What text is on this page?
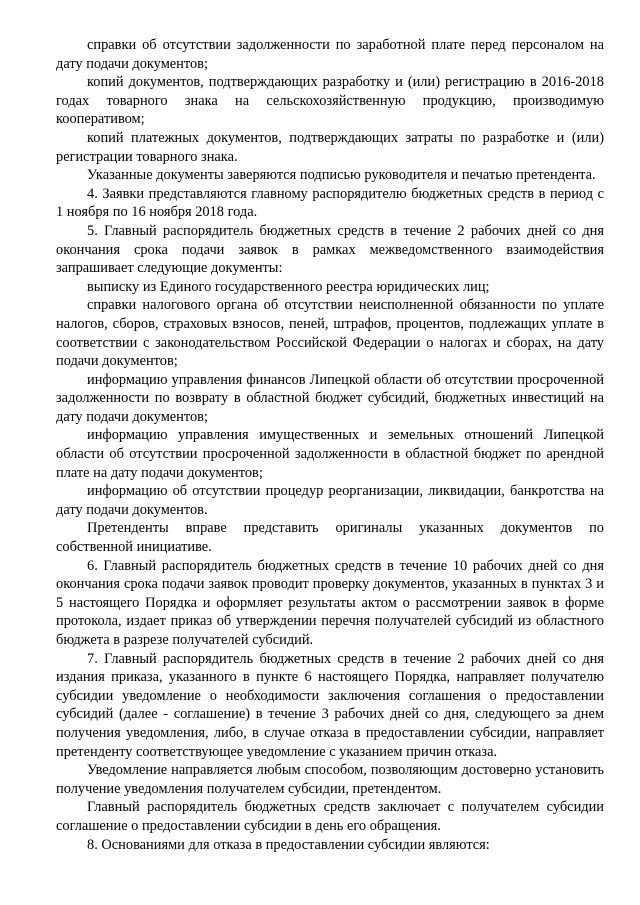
справки об отсутствии задолженности по заработной плате перед персоналом на дату подачи документов;

копий документов, подтверждающих разработку и (или) регистрацию в 2016-2018 годах товарного знака на сельскохозяйственную продукцию, производимую кооперативом;

копий платежных документов, подтверждающих затраты по разработке и (или) регистрации товарного знака.

Указанные документы заверяются подписью руководителя и печатью претендента.

4. Заявки представляются главному распорядителю бюджетных средств в период с 1 ноября по 16 ноября 2018 года.

5. Главный распорядитель бюджетных средств в течение 2 рабочих дней со дня окончания срока подачи заявок в рамках межведомственного взаимодействия запрашивает следующие документы:

выписку из Единого государственного реестра юридических лиц;

справки налогового органа об отсутствии неисполненной обязанности по уплате налогов, сборов, страховых взносов, пеней, штрафов, процентов, подлежащих уплате в соответствии с законодательством Российской Федерации о налогах и сборах, на дату подачи документов;

информацию управления финансов Липецкой области об отсутствии просроченной задолженности по возврату в областной бюджет субсидий, бюджетных инвестиций на дату подачи документов;

информацию управления имущественных и земельных отношений Липецкой области об отсутствии просроченной задолженности в областной бюджет по арендной плате на дату подачи документов;

информацию об отсутствии процедур реорганизации, ликвидации, банкротства на дату подачи документов.

Претенденты вправе представить оригиналы указанных документов по собственной инициативе.

6. Главный распорядитель бюджетных средств в течение 10 рабочих дней со дня окончания срока подачи заявок проводит проверку документов, указанных в пунктах 3 и 5 настоящего Порядка и оформляет результаты актом о рассмотрении заявок в форме протокола, издает приказ об утверждении перечня получателей субсидий из областного бюджета в разрезе получателей субсидий.

7. Главный распорядитель бюджетных средств в течение 2 рабочих дней со дня издания приказа, указанного в пункте 6 настоящего Порядка, направляет получателю субсидии уведомление о необходимости заключения соглашения о предоставлении субсидий (далее - соглашение) в течение 3 рабочих дней со дня, следующего за днем получения уведомления, либо, в случае отказа в предоставлении субсидии, направляет претенденту соответствующее уведомление с указанием причин отказа.

Уведомление направляется любым способом, позволяющим достоверно установить получение уведомления получателем субсидии, претендентом.

Главный распорядитель бюджетных средств заключает с получателем субсидии соглашение о предоставлении субсидии в день его обращения.

8. Основаниями для отказа в предоставлении субсидии являются:
